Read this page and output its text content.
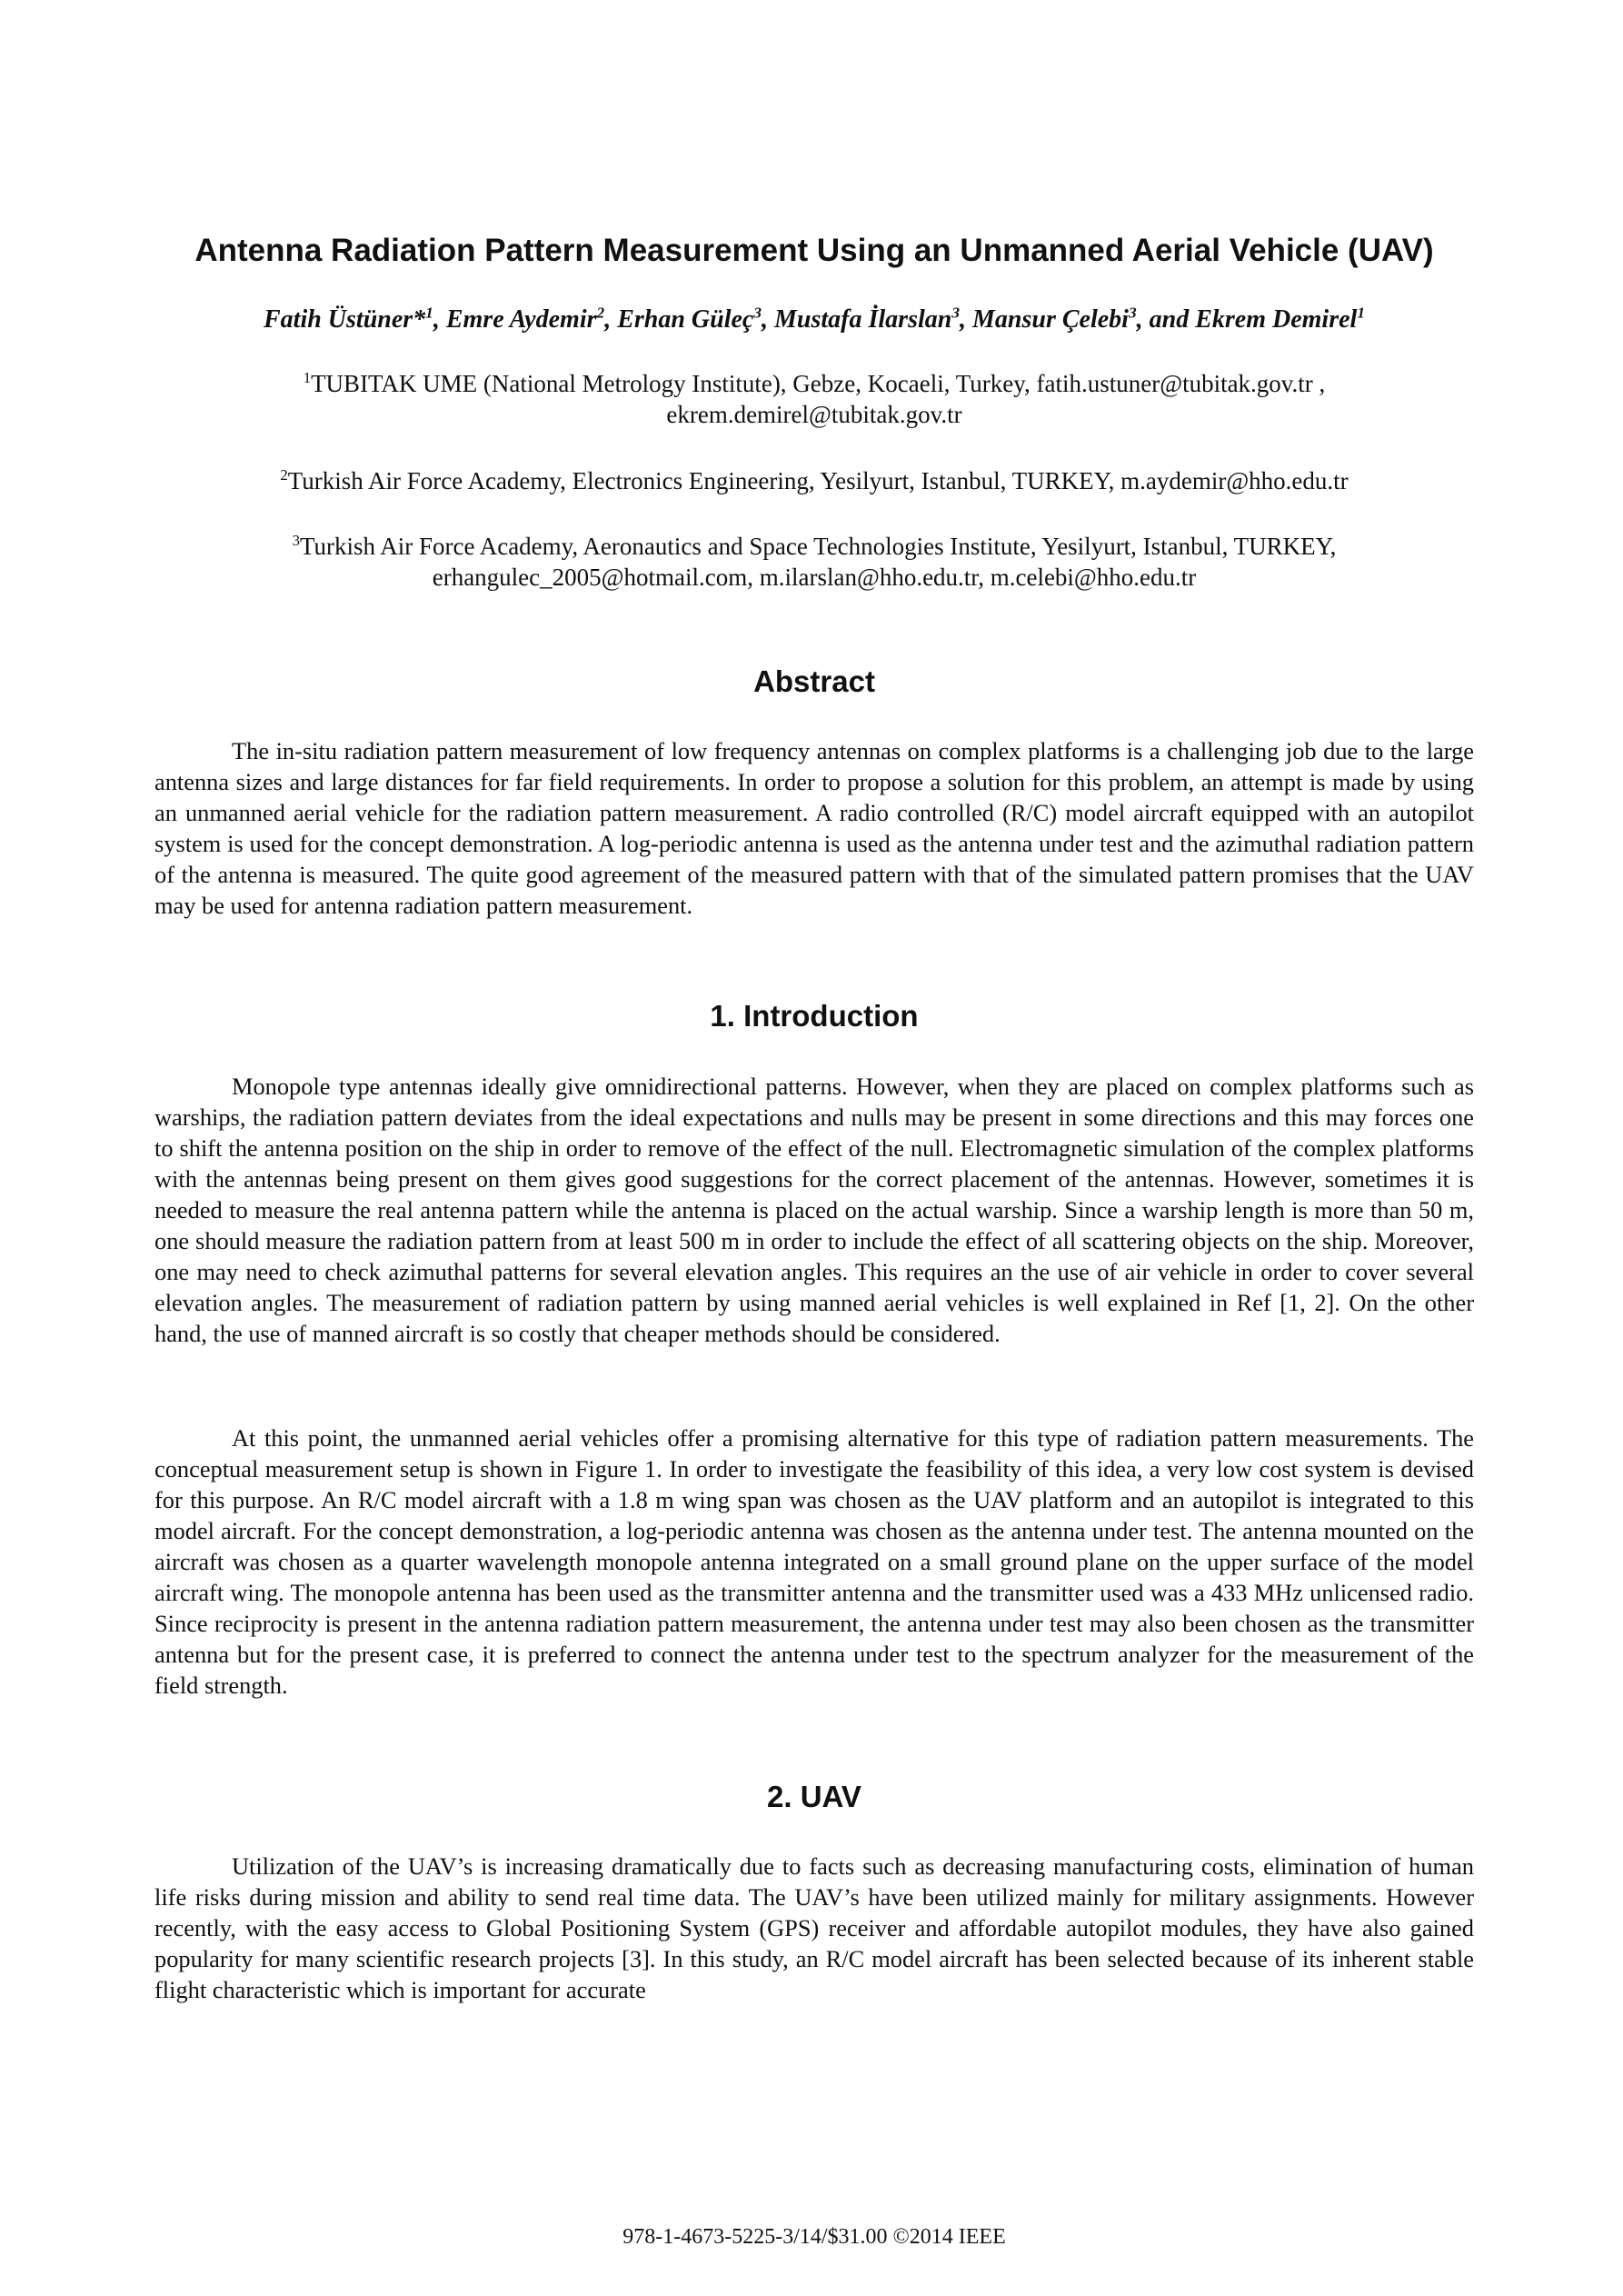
Antenna Radiation Pattern Measurement Using an Unmanned Aerial Vehicle (UAV)
Fatih Üstüner*$^1$, Emre Aydemir$^2$, Erhan Güleç$^3$, Mustafa İlarslan$^3$, Mansur Çelebi$^3$, and Ekrem Demirel$^1$

$^1$TUBITAK UME (National Metrology Institute), Gebze, Kocaeli, Turkey, fatih.ustuner@tubitak.gov.tr ,

ekrem.demirel@tubitak.gov.tr

$^2$Turkish Air Force Academy, Electronics Engineering, Yesilyurt, Istanbul, TURKEY, m.aydemir@hho.edu.tr

$^3$Turkish Air Force Academy, Aeronautics and Space Technologies Institute, Yesilyurt, Istanbul, TURKEY,

erhangulec_2005@hotmail.com, m.ilarslan@hho.edu.tr, m.celebi@hho.edu.tr

Abstract

The in-situ radiation pattern measurement of low frequency antennas on complex platforms is a challenging job due to the large antenna sizes and large distances for far field requirements. In order to propose a solution for this problem, an attempt is made by using an unmanned aerial vehicle for the radiation pattern measurement. A radio controlled (R/C) model aircraft equipped with an autopilot system is used for the concept demonstration. A log-periodic antenna is used as the antenna under test and the azimuthal radiation pattern of the antenna is measured. The quite good agreement of the measured pattern with that of the simulated pattern promises that the UAV may be used for antenna radiation pattern measurement.

1. Introduction

Monopole type antennas ideally give omnidirectional patterns. However, when they are placed on complex platforms such as warships, the radiation pattern deviates from the ideal expectations and nulls may be present in some directions and this may forces one to shift the antenna position on the ship in order to remove of the effect of the null. Electromagnetic simulation of the complex platforms with the antennas being present on them gives good suggestions for the correct placement of the antennas. However, sometimes it is needed to measure the real antenna pattern while the antenna is placed on the actual warship. Since a warship length is more than 50 m, one should measure the radiation pattern from at least 500 m in order to include the effect of all scattering objects on the ship. Moreover, one may need to check azimuthal patterns for several elevation angles. This requires an the use of air vehicle in order to cover several elevation angles. The measurement of radiation pattern by using manned aerial vehicles is well explained in Ref [1, 2]. On the other hand, the use of manned aircraft is so costly that cheaper methods should be considered.

At this point, the unmanned aerial vehicles offer a promising alternative for this type of radiation pattern measurements. The conceptual measurement setup is shown in Figure 1. In order to investigate the feasibility of this idea, a very low cost system is devised for this purpose. An R/C model aircraft with a 1.8 m wing span was chosen as the UAV platform and an autopilot is integrated to this model aircraft. For the concept demonstration, a log-periodic antenna was chosen as the antenna under test. The antenna mounted on the aircraft was chosen as a quarter wavelength monopole antenna integrated on a small ground plane on the upper surface of the model aircraft wing. The monopole antenna has been used as the transmitter antenna and the transmitter used was a 433 MHz unlicensed radio. Since reciprocity is present in the antenna radiation pattern measurement, the antenna under test may also been chosen as the transmitter antenna but for the present case, it is preferred to connect the antenna under test to the spectrum analyzer for the measurement of the field strength.

2. UAV

Utilization of the UAV’s is increasing dramatically due to facts such as decreasing manufacturing costs, elimination of human life risks during mission and ability to send real time data. The UAV’s have been utilized mainly for military assignments. However recently, with the easy access to Global Positioning System (GPS) receiver and affordable autopilot modules, they have also gained popularity for many scientific research projects [3]. In this study, an R/C model aircraft has been selected because of its inherent stable flight characteristic which is important for accurate

978-1-4673-5225-3/14/$31.00 ©2014 IEEE
